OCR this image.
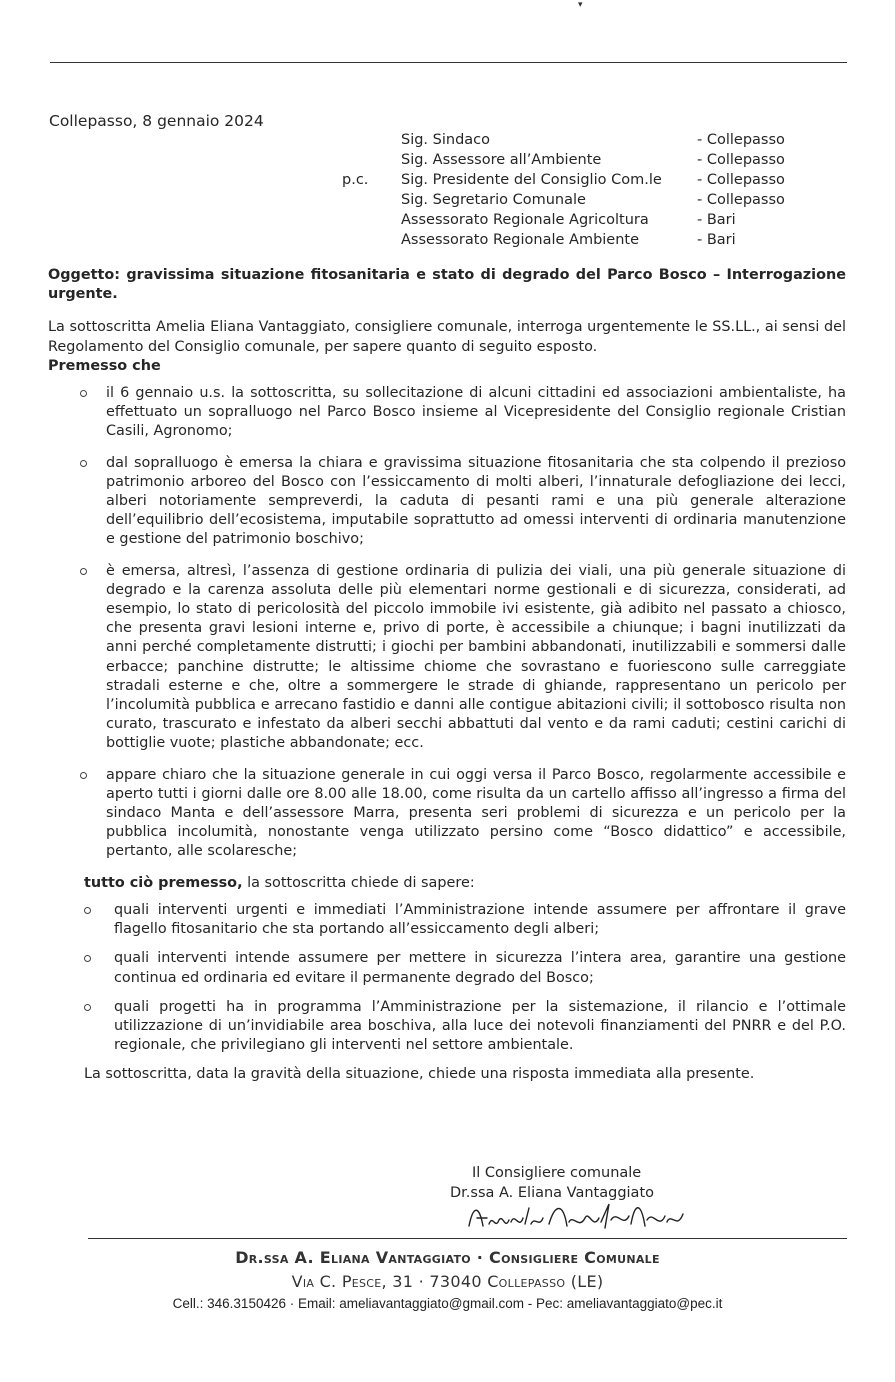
▾
Collepasso, 8 gennaio 2024
p.c.
Sig. Sindaco	- Collepasso
Sig. Assessore all’Ambiente	- Collepasso
Sig. Presidente del Consiglio Com.le	- Collepasso
Sig. Segretario Comunale	- Collepasso
Assessorato Regionale Agricoltura	- Bari
Assessorato Regionale Ambiente	- Bari

Oggetto: gravissima situazione fitosanitaria e stato di degrado del Parco Bosco – Interrogazione urgente.

La sottoscritta Amelia Eliana Vantaggiato, consigliere comunale, interroga urgentemente le SS.LL., ai sensi del Regolamento del Consiglio comunale, per sapere quanto di seguito esposto.

Premesso che

il 6 gennaio u.s. la sottoscritta, su sollecitazione di alcuni cittadini ed associazioni ambientaliste, ha effettuato un sopralluogo nel Parco Bosco insieme al Vicepresidente del Consiglio regionale Cristian Casili, Agronomo;
dal sopralluogo è emersa la chiara e gravissima situazione fitosanitaria che sta colpendo il prezioso patrimonio arboreo del Bosco con l’essiccamento di molti alberi, l’innaturale defogliazione dei lecci, alberi notoriamente sempreverdi, la caduta di pesanti rami e una più generale alterazione dell’equilibrio dell’ecosistema, imputabile soprattutto ad omessi interventi di ordinaria manutenzione e gestione del patrimonio boschivo;
è emersa, altresì, l’assenza di gestione ordinaria di pulizia dei viali, una più generale situazione di degrado e la carenza assoluta delle più elementari norme gestionali e di sicurezza, considerati, ad esempio, lo stato di pericolosità del piccolo immobile ivi esistente, già adibito nel passato a chiosco, che presenta gravi lesioni interne e, privo di porte, è accessibile a chiunque; i bagni inutilizzati da anni perché completamente distrutti; i giochi per bambini abbandonati, inutilizzabili e sommersi dalle erbacce; panchine distrutte; le altissime chiome che sovrastano e fuoriescono sulle carreggiate stradali esterne e che, oltre a sommergere le strade di ghiande, rappresentano un pericolo per l’incolumità pubblica e arrecano fastidio e danni alle contigue abitazioni civili; il sottobosco risulta non curato, trascurato e infestato da alberi secchi abbattuti dal vento e da rami caduti; cestini carichi di bottiglie vuote; plastiche abbandonate; ecc.
appare chiaro che la situazione generale in cui oggi versa il Parco Bosco, regolarmente accessibile e aperto tutti i giorni dalle ore 8.00 alle 18.00, come risulta da un cartello affisso all’ingresso a firma del sindaco Manta e dell’assessore Marra, presenta seri problemi di sicurezza e un pericolo per la pubblica incolumità, nonostante venga utilizzato persino come “Bosco didattico” e accessibile, pertanto, alle scolaresche;

tutto ciò premesso, la sottoscritta chiede di sapere:

quali interventi urgenti e immediati l’Amministrazione intende assumere per affrontare il grave flagello fitosanitario che sta portando all’essiccamento degli alberi;
quali interventi intende assumere per mettere in sicurezza l’intera area, garantire una gestione continua ed ordinaria ed evitare il permanente degrado del Bosco;
quali progetti ha in programma l’Amministrazione per la sistemazione, il rilancio e l’ottimale utilizzazione di un’invidiabile area boschiva, alla luce dei notevoli finanziamenti del PNRR e del P.O. regionale, che privilegiano gli interventi nel settore ambientale.

La sottoscritta, data la gravità della situazione, chiede una risposta immediata alla presente.

Il Consigliere comunale
Dr.ssa A. Eliana Vantaggiato
Dr.ssa A. Eliana Vantaggiato · Consigliere Comunale
Via C. Pesce, 31 · 73040 Collepasso (LE)
Cell.: 346.3150426 · Email: ameliavantaggiato@gmail.com - Pec: ameliavantaggiato@pec.it
